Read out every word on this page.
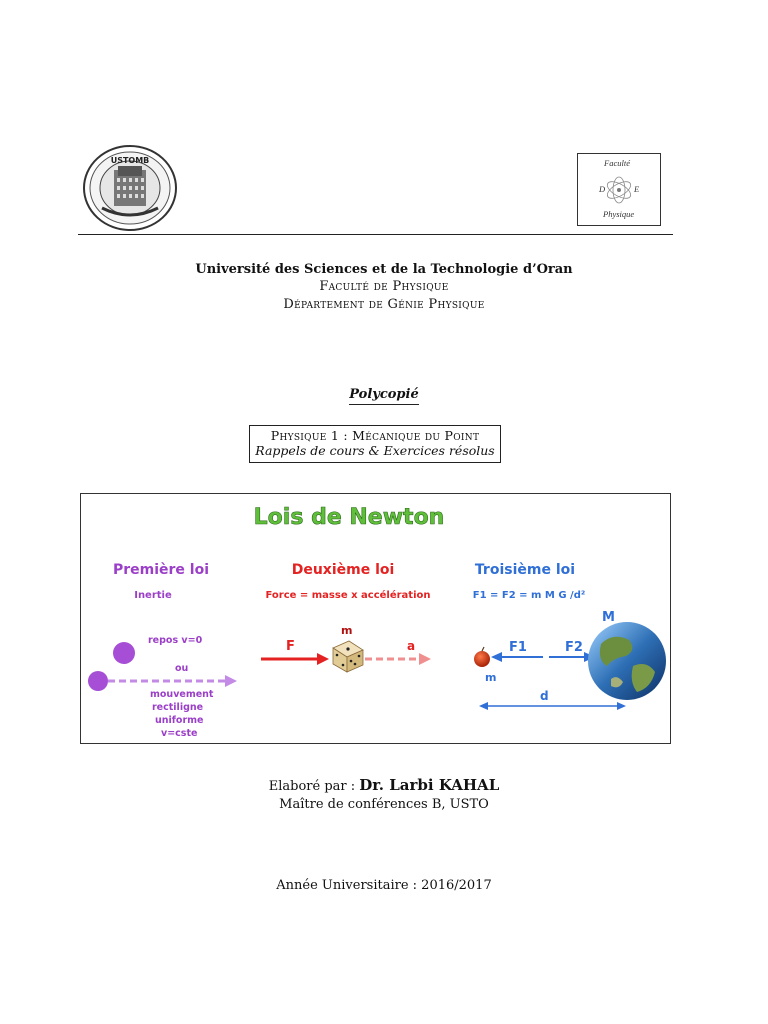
USTOMB	Faculté
D	E
Physique
Université des Sciences et de la Technologie d’Oran
Faculté de Physique
Département de Génie Physique
Polycopié
Physique 1 : Mécanique du Point
Rappels de cours & Exercices résolus
Lois de Newton
Première loi
Inertie
Deuxième loi
Force = masse x accélération
Troisième loi
F1 = F2 = m M G /d²
repos v=0
ou
mouvement
rectiligne
uniforme
v=cste
F
m
a
m
F1	F2
M
d
Elaboré par : Dr. Larbi KAHAL
Maître de conférences B, USTO
Année Universitaire : 2016/2017
